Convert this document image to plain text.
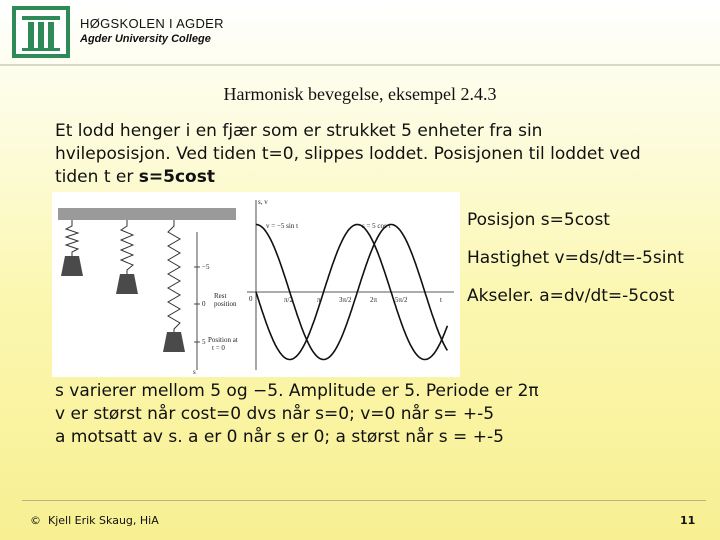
HØGSKOLEN I AGDER
Agder University College
Harmonisk bevegelse, eksempel 2.4.3
Et lodd henger i en fjær som er strukket 5 enheter fra sin
hvileposisjon. Ved tiden t=0, slippes loddet. Posisjonen til loddet ved
tiden t er s=5cost
−5
0
5
s
Rest
position
Position at
t = 0
s, v
t
0	π/2	π	3π/2	2π	5π/2
v = −5 sin t	s = 5 cos t	Posisjon s=5cost
Hastighet v=ds/dt=-5sint
Akseler. a=dv/dt=-5cost
s varierer mellom 5 og −5. Amplitude er 5. Periode er 2π
v er størst når cost=0 dvs når s=0; v=0 når s= +-5
a motsatt av s. a er 0 når s er 0; a størst når s = +-5
© Kjell Erik Skaug, HiA	11
